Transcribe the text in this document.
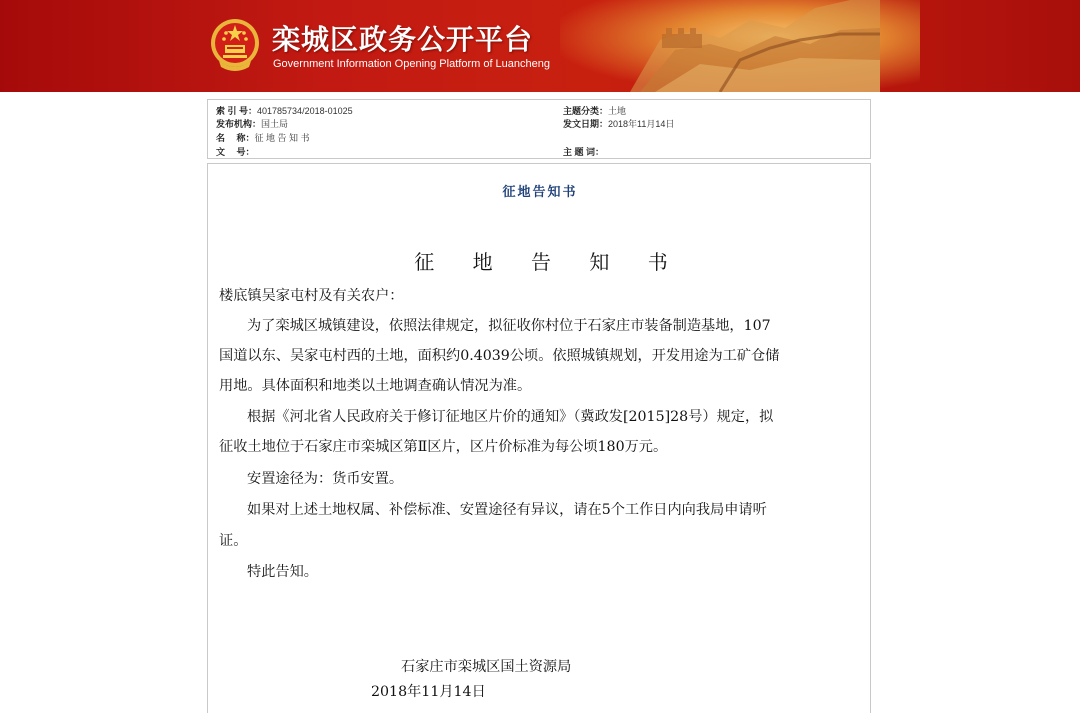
栾城区政务公开平台
Government Information Opening Platform of Luancheng
索 引 号：401785734/2018-01025	主题分类：土地
发布机构：国土局	发文日期：2018年11月14日
名　 称：征 地 告 知 书
文　 号：	主 题 词：
征地告知书
征 地 告 知 书
楼底镇吴家屯村及有关农户：
为了栾城区城镇建设，依照法律规定，拟征收你村位于石家庄市装备制造基地，107
国道以东、吴家屯村西的土地，面积约0.4039公顷。依照城镇规划，开发用途为工矿仓储
用地。具体面积和地类以土地调查确认情况为准。
根据《河北省人民政府关于修订征地区片价的通知》（冀政发[2015]28号）规定，拟
征收土地位于石家庄市栾城区第Ⅱ区片，区片价标准为每公顷180万元。
安置途径为：货币安置。
如果对上述土地权属、补偿标准、安置途径有异议，请在5个工作日内向我局申请听
证。
特此告知。
石家庄市栾城区国土资源局
2018年11月14日
